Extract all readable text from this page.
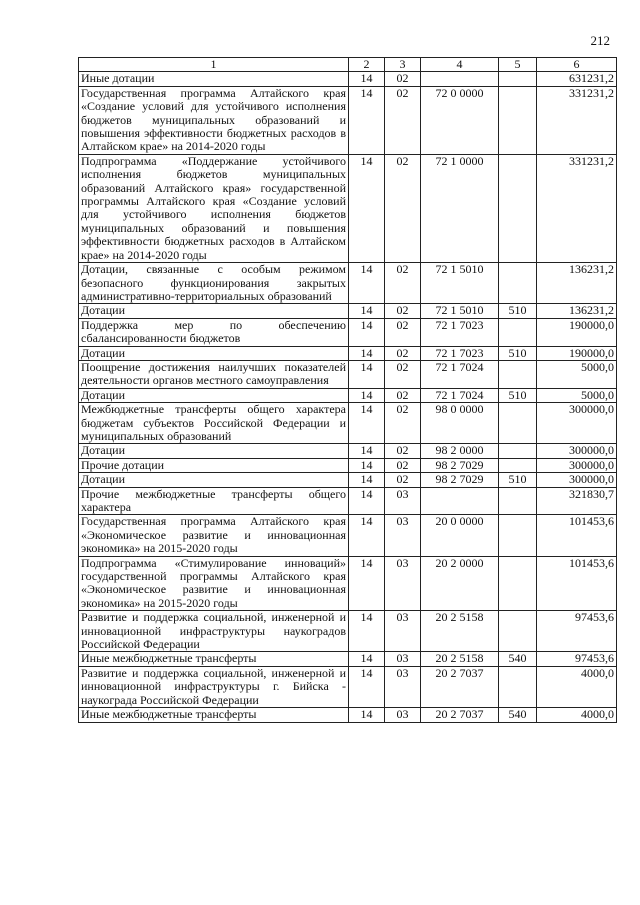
212
1	2	3	4	5	6
Иные дотации	14	02			631231,2
Государственная программа Алтайского края «Создание условий для устойчивого исполнения бюджетов муниципальных образований и повышения эффективности бюджетных расходов в Алтайском крае» на 2014-2020 годы	14	02	72 0 0000		331231,2
Подпрограмма «Поддержание устойчивого исполнения бюджетов муниципальных образований Алтайского края» государственной программы Алтайского края «Создание условий для устойчивого исполнения бюджетов муниципальных образований и повышения эффективности бюджетных расходов в Алтайском крае» на 2014-2020 годы	14	02	72 1 0000		331231,2
Дотации, связанные с особым режимом безопасного функционирования закрытых административно-территориальных образований	14	02	72 1 5010		136231,2
Дотации	14	02	72 1 5010	510	136231,2
Поддержка мер по обеспечению сбалансированности бюджетов	14	02	72 1 7023		190000,0
Дотации	14	02	72 1 7023	510	190000,0
Поощрение достижения наилучших показателей деятельности органов местного самоуправления	14	02	72 1 7024		5000,0
Дотации	14	02	72 1 7024	510	5000,0
Межбюджетные трансферты общего характера бюджетам субъектов Российской Федерации и муниципальных образований	14	02	98 0 0000		300000,0
Дотации	14	02	98 2 0000		300000,0
Прочие дотации	14	02	98 2 7029		300000,0
Дотации	14	02	98 2 7029	510	300000,0
Прочие межбюджетные трансферты общего характера	14	03			321830,7
Государственная программа Алтайского края «Экономическое развитие и инновационная экономика» на 2015-2020 годы	14	03	20 0 0000		101453,6
Подпрограмма «Стимулирование инноваций» государственной программы Алтайского края «Экономическое развитие и инновационная экономика» на 2015-2020 годы	14	03	20 2 0000		101453,6
Развитие и поддержка социальной, инженерной и инновационной инфраструктуры наукоградов Российской Федерации	14	03	20 2 5158		97453,6
Иные межбюджетные трансферты	14	03	20 2 5158	540	97453,6
Развитие и поддержка социальной, инженерной и инновационной инфраструктуры г. Бийска - наукограда Российской Федерации	14	03	20 2 7037		4000,0
Иные межбюджетные трансферты	14	03	20 2 7037	540	4000,0
